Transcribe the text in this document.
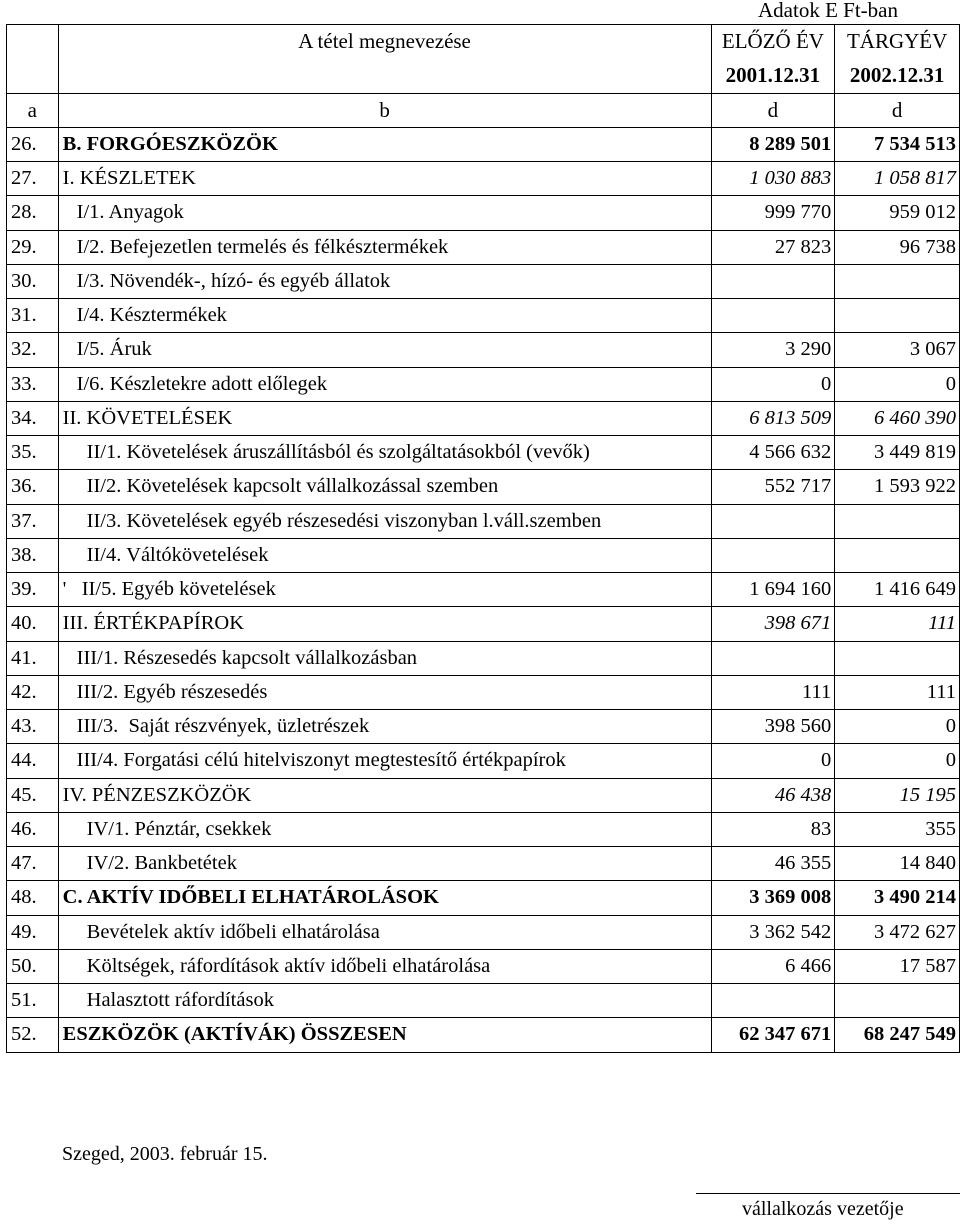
Adatok E Ft-ban
	A tétel megnevezése	ELŐZŐ ÉV	TÁRGYÉV
		2001.12.31	2002.12.31
a	b	d	d
26.	B. FORGÓESZKÖZÖK	8 289 501	7 534 513
27.	I. KÉSZLETEK	1 030 883	1 058 817
28.	I/1. Anyagok	999 770	959 012
29.	I/2. Befejezetlen termelés és félkésztermékek	27 823	96 738
30.	I/3. Növendék-, hízó- és egyéb állatok		
31.	I/4. Késztermékek		
32.	I/5. Áruk	3 290	3 067
33.	I/6. Készletekre adott előlegek	0	0
34.	II. KÖVETELÉSEK	6 813 509	6 460 390
35.	II/1. Követelések áruszállításból és szolgáltatásokból (vevők)	4 566 632	3 449 819
36.	II/2. Követelések kapcsolt vállalkozással szemben	552 717	1 593 922
37.	II/3. Követelések egyéb részesedési viszonyban l.váll.szemben		
38.	II/4. Váltókövetelések		
39.	'   II/5. Egyéb követelések	1 694 160	1 416 649
40.	III. ÉRTÉKPAPÍROK	398 671	111
41.	III/1. Részesedés kapcsolt vállalkozásban		
42.	III/2. Egyéb részesedés	111	111
43.	III/3.  Saját részvények, üzletrészek	398 560	0
44.	III/4. Forgatási célú hitelviszonyt megtestesítő értékpapírok	0	0
45.	IV. PÉNZESZKÖZÖK	46 438	15 195
46.	IV/1. Pénztár, csekkek	83	355
47.	IV/2. Bankbetétek	46 355	14 840
48.	C. AKTÍV IDŐBELI ELHATÁROLÁSOK	3 369 008	3 490 214
49.	Bevételek aktív időbeli elhatárolása	3 362 542	3 472 627
50.	Költségek, ráfordítások aktív időbeli elhatárolása	6 466	17 587
51.	Halasztott ráfordítások		
52.	ESZKÖZÖK (AKTÍVÁK) ÖSSZESEN	62 347 671	68 247 549
Szeged, 2003. február 15.
vállalkozás vezetője
